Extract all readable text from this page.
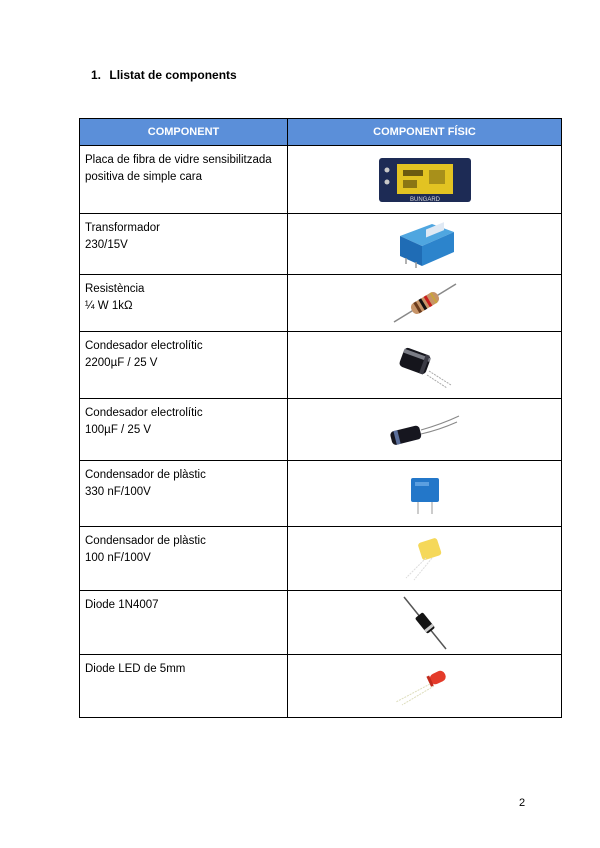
1. Llistat de components
COMPONENT	COMPONENT FÍSIC

Placa de fibra de vidre sensibilitzada positiva de simple cara	BUNGARD

Transformador
230/15V

Resistència
¼ W 1kΩ

Condesador electrolític
2200µF / 25 V

Condesador electrolític
100µF / 25 V

Condensador de plàstic
330 nF/100V

Condensador de plàstic
100 nF/100V

Diode 1N4007

Diode LED de 5mm

2
